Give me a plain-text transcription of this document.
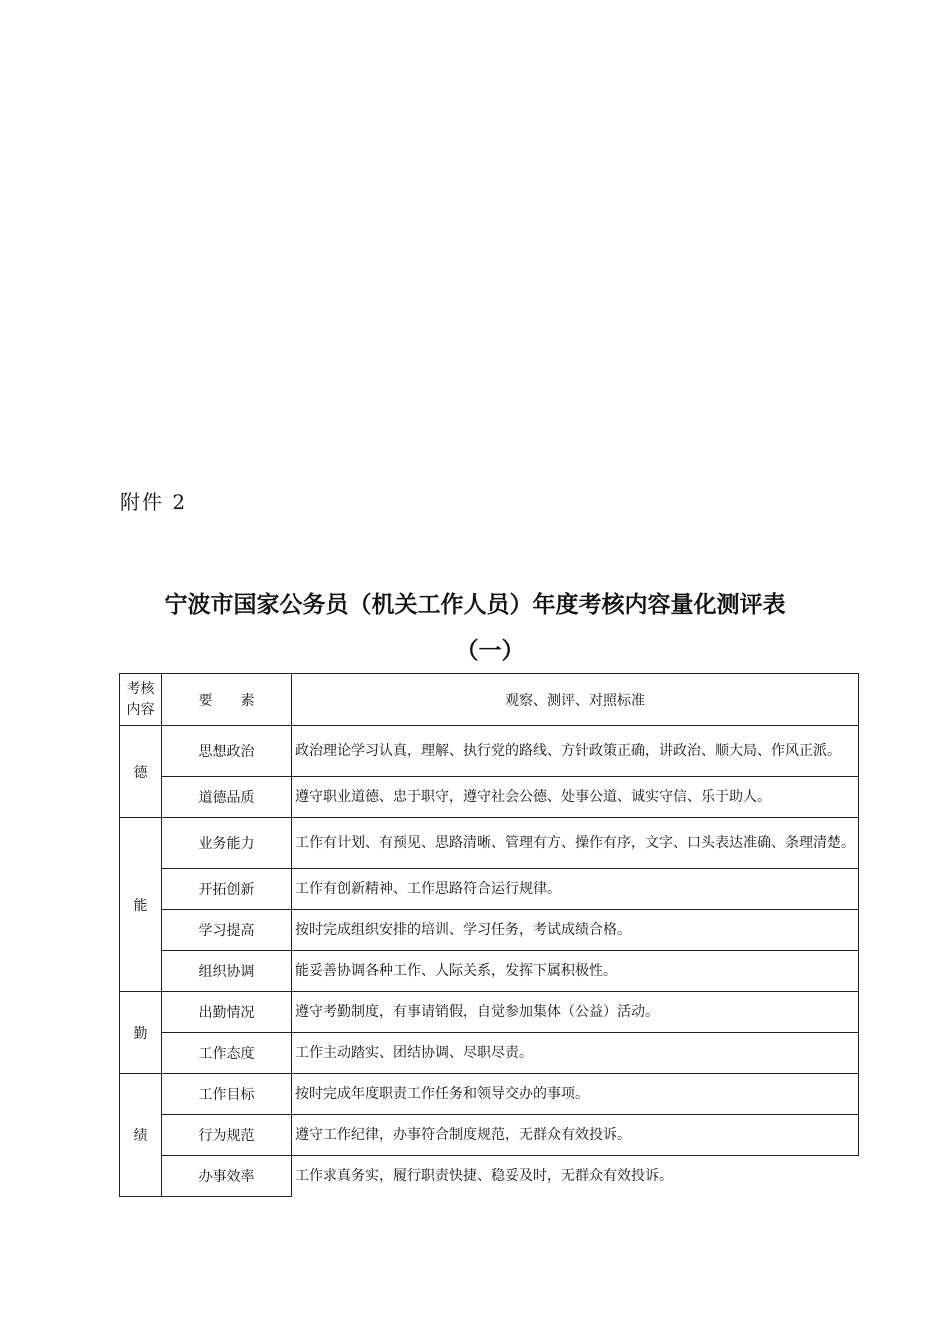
附件 2
宁波市国家公务员（机关工作人员）年度考核内容量化测评表
（一）
考核内容	要　　素	观察、测评、对照标准
德	思想政治	政治理论学习认真，理解、执行党的路线、方针政策正确，讲政治、顺大局、作风正派。
	道德品质	遵守职业道德、忠于职守，遵守社会公德、处事公道、诚实守信、乐于助人。
能	业务能力	工作有计划、有预见、思路清晰、管理有方、操作有序，文字、口头表达准确、条理清楚。
	开拓创新	工作有创新精神、工作思路符合运行规律。
	学习提高	按时完成组织安排的培训、学习任务，考试成绩合格。
	组织协调	能妥善协调各种工作、人际关系，发挥下属积极性。
勤	出勤情况	遵守考勤制度，有事请销假，自觉参加集体（公益）活动。
	工作态度	工作主动踏实、团结协调、尽职尽责。
绩	工作目标	按时完成年度职责工作任务和领导交办的事项。
	行为规范	遵守工作纪律，办事符合制度规范，无群众有效投诉。
	办事效率	工作求真务实，履行职责快捷、稳妥及时，无群众有效投诉。
